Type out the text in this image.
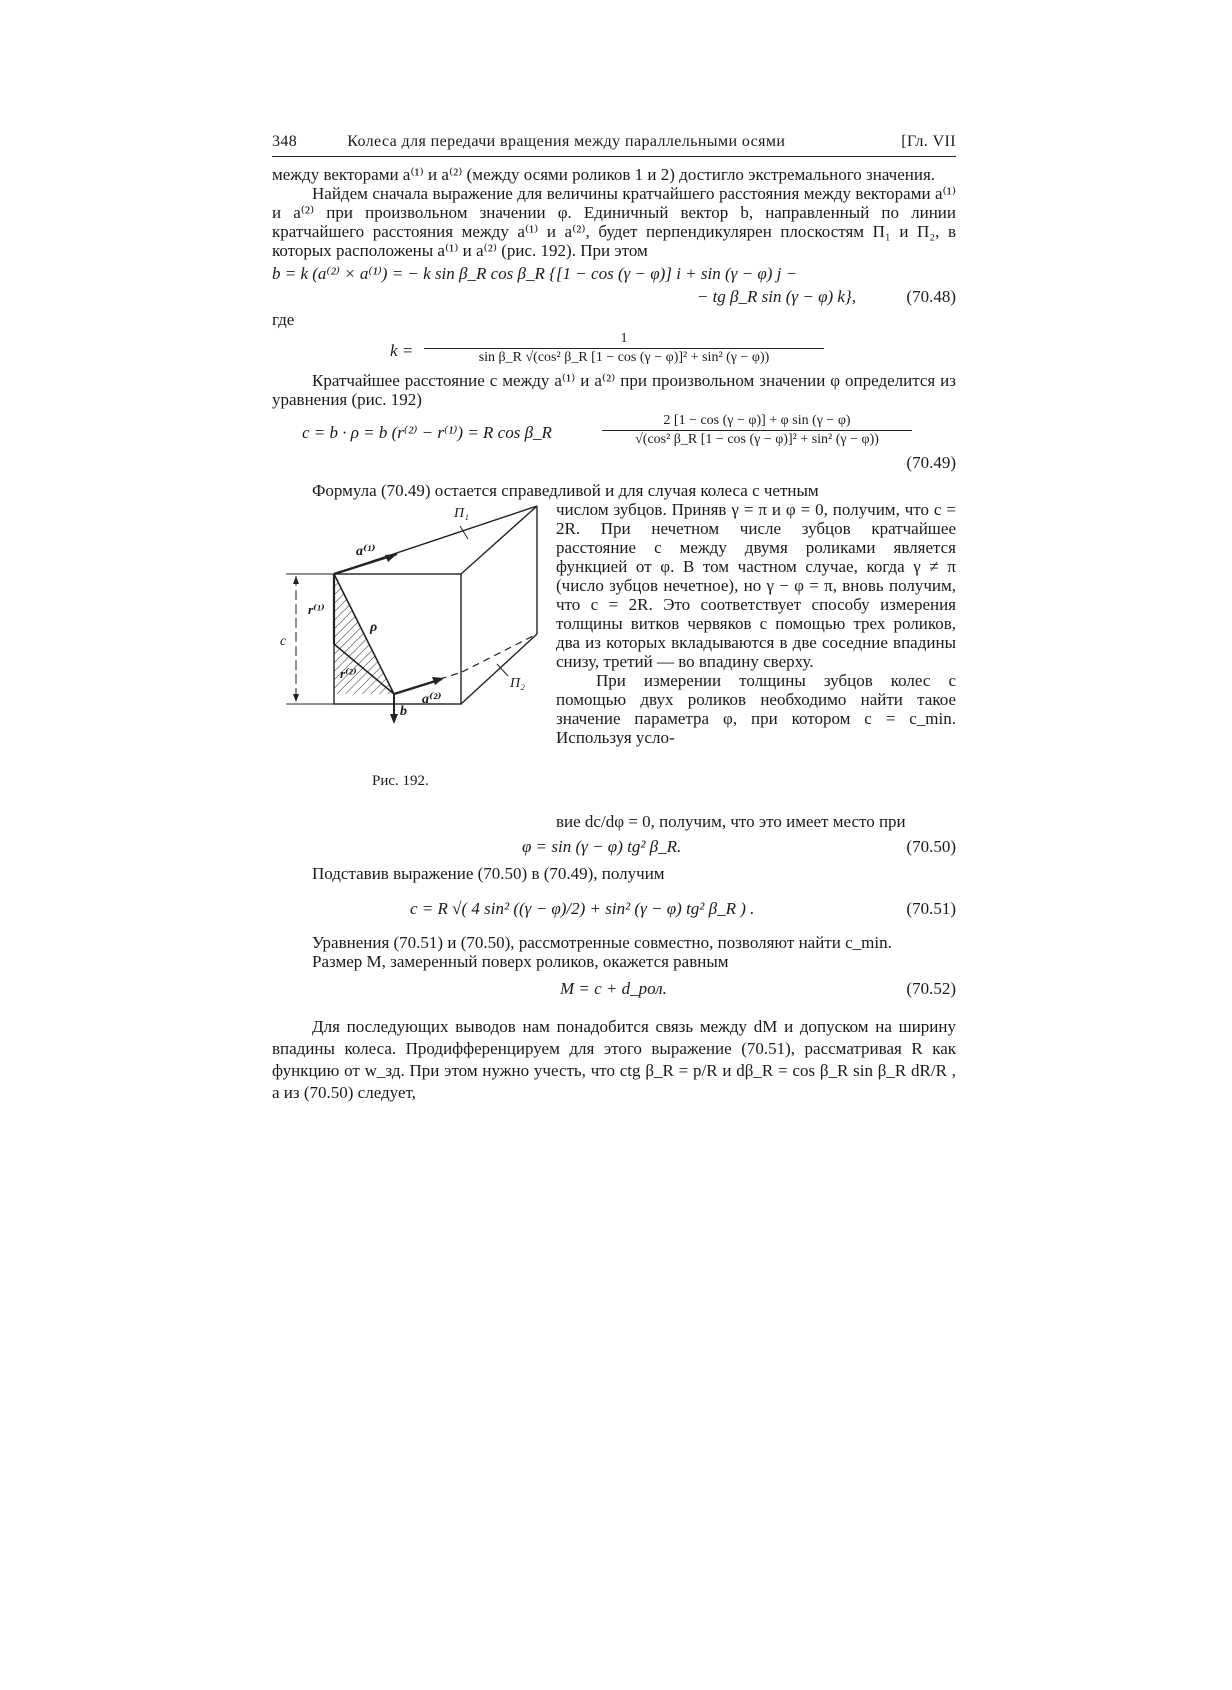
348	Колеса для передачи вращения между параллельными осями	[Гл. VII

между векторами a⁽¹⁾ и a⁽²⁾ (между осями роликов 1 и 2) достигло экстремального значения.

Найдем сначала выражение для величины кратчайшего расстояния между векторами a⁽¹⁾ и a⁽²⁾ при произвольном значении φ. Единичный вектор b, направленный по линии кратчайшего расстояния между a⁽¹⁾ и a⁽²⁾, будет перпендикулярен плоскостям П₁ и П₂, в которых расположены a⁽¹⁾ и a⁽²⁾ (рис. 192). При этом

b = k (a⁽²⁾ × a⁽¹⁾) = − k sin β_R cos β_R {[1 − cos (γ − φ)] i + sin (γ − φ) j −
− tg β_R sin (γ − φ) k},	(70.48)

где

$k = \frac{1}{\text{sin β\_R √(cos² β\_R [1 − cos (γ − φ)]² + sin² (γ − φ))}}$

Кратчайшее расстояние c между a⁽¹⁾ и a⁽²⁾ при произвольном значении φ определится из уравнения (рис. 192)

c = b · ρ = b (r⁽²⁾ − r⁽¹⁾) = R cos β_R	$\frac{\text{2 [1 − cos (γ − φ)] + φ sin (γ − φ)}}{\text{√(cos² β\_R [1 − cos (γ − φ)]² + sin² (γ − φ))}}$
(70.49)

Формула (70.49) остается справедливой и для случая колеса с четным

П₁
П₂
a⁽¹⁾
a⁽²⁾
r⁽¹⁾
r⁽²⁾
ρ
b
c
Рис. 192.

числом зубцов. Приняв γ = π и φ = 0, получим, что c = 2R. При нечетном числе зубцов кратчайшее расстояние c между двумя роликами является функцией от φ. В том частном случае, когда γ ≠ π (число зубцов нечетное), но γ − φ = π, вновь получим, что c = 2R. Это соответствует способу измерения толщины витков червяков с помощью трех роликов, два из которых вкладываются в две соседние впадины снизу, третий — во впадину сверху.

При измерении толщины зубцов колес с помощью двух роликов необходимо найти такое значение параметра φ, при котором c = c_min. Используя усло-

вие dc/dφ = 0, получим, что это имеет место при

φ = sin (γ − φ) tg² β_R.	(70.50)

Подставив выражение (70.50) в (70.49), получим

c = R √( 4 sin² ((γ − φ)/2) + sin² (γ − φ) tg² β_R ) .	(70.51)

Уравнения (70.51) и (70.50), рассмотренные совместно, позволяют найти c_min.

Размер M, замеренный поверх роликов, окажется равным

M = c + d_рол.	(70.52)

Для последующих выводов нам понадобится связь между dM и допуском на ширину впадины колеса. Продифференцируем для этого выражение (70.51), рассматривая R как функцию от w_зд. При этом нужно учесть, что ctg β_R = p/R и dβ_R = cos β_R sin β_R dR/R , а из (70.50) следует,
